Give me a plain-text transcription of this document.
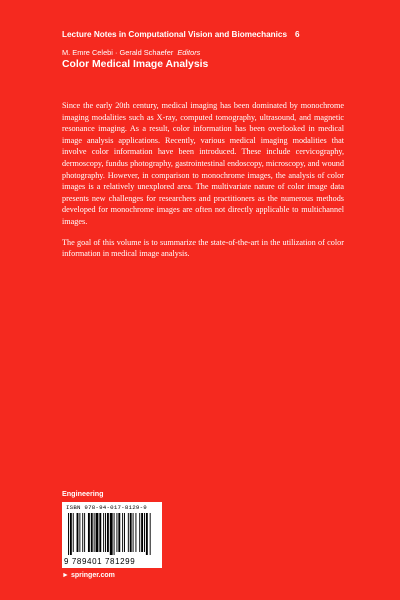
Lecture Notes in Computational Vision and Biomechanics 6
M. Emre Celebi · Gerald Schaefer Editors
Color Medical Image Analysis

Since the early 20th century, medical imaging has been dominated by monochrome imaging modalities such as X-ray, computed tomography, ultrasound, and magnetic resonance imaging. As a result, color information has been overlooked in medical image analysis applications. Recently, various medical imaging modalities that involve color information have been introduced. These include cervicography, dermoscopy, fundus photography, gastrointestinal endoscopy, microscopy, and wound photography. However, in comparison to monochrome images, the analysis of color images is a relatively unexplored area. The multivariate nature of color image data presents new challenges for researchers and practitioners as the numerous methods developed for monochrome images are often not directly applicable to multichannel images.

The goal of this volume is to summarize the state-of-the-art in the utilization of color information in medical image analysis.

Engineering
ISBN 978-94-017-8129-9
9 789401 781299
► springer.com
